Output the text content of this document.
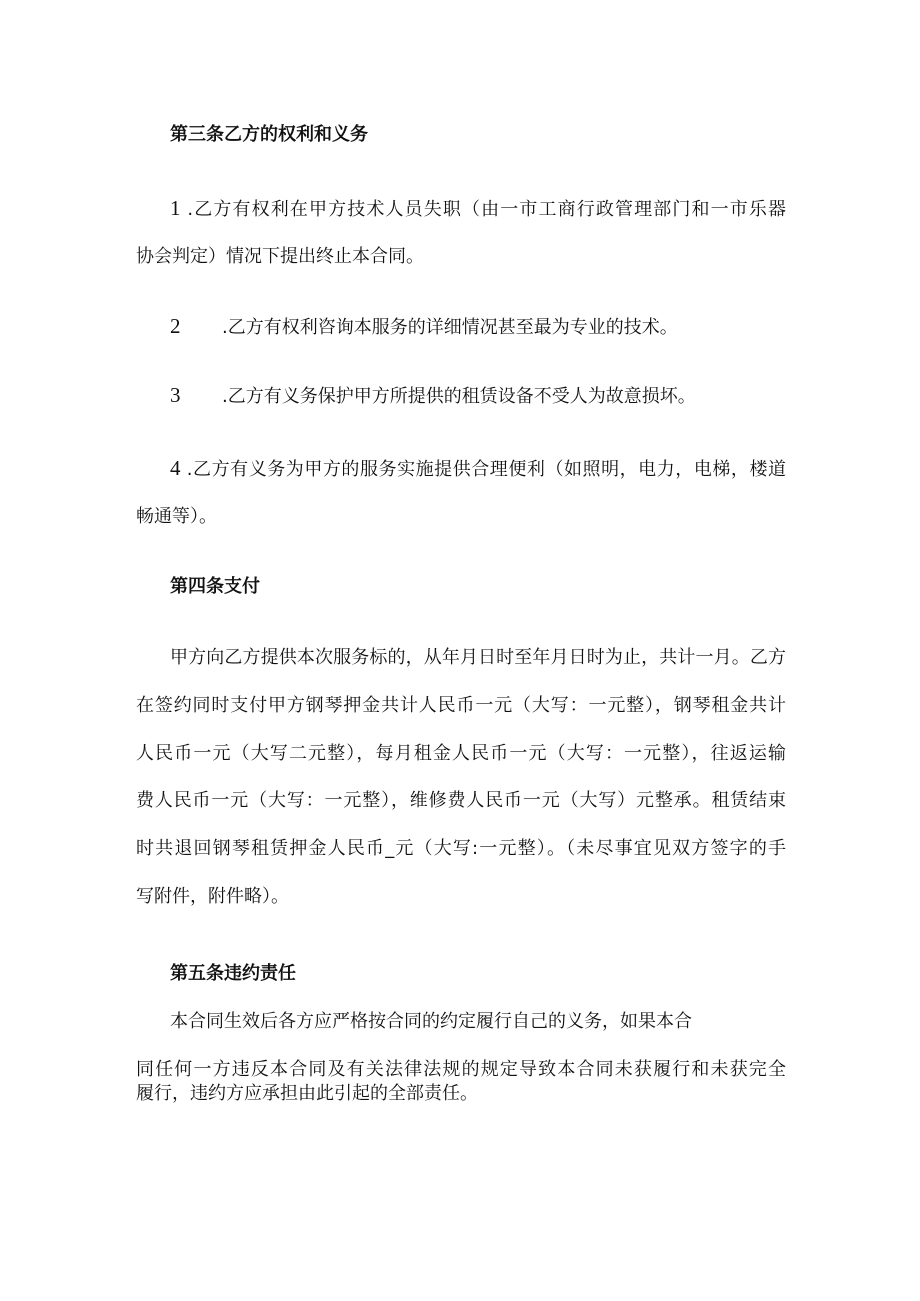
第三条乙方的权利和义务
1 .乙方有权利在甲方技术人员失职（由一市工商行政管理部门和一市乐器
协会判定）情况下提出终止本合同。
2 .乙方有权利咨询本服务的详细情况甚至最为专业的技术。
3 .乙方有义务保护甲方所提供的租赁设备不受人为故意损坏。
4 .乙方有义务为甲方的服务实施提供合理便利（如照明，电力，电梯，楼道
畅通等）。
第四条支付
甲方向乙方提供本次服务标的，从年月日时至年月日时为止，共计一月。乙方
在签约同时支付甲方钢琴押金共计人民币一元（大写：一元整），钢琴租金共计
人民币一元（大写二元整），每月租金人民币一元（大写：一元整），往返运输
费人民币一元（大写：一元整），维修费人民币一元（大写）元整承。租赁结束
时共退回钢琴租赁押金人民币_元（大写:一元整）。（未尽事宜见双方签字的手
写附件，附件略）。
第五条违约责任
本合同生效后各方应严格按合同的约定履行自己的义务，如果本合
同任何一方违反本合同及有关法律法规的规定导致本合同未获履行和未获完全
履行，违约方应承担由此引起的全部责任。
